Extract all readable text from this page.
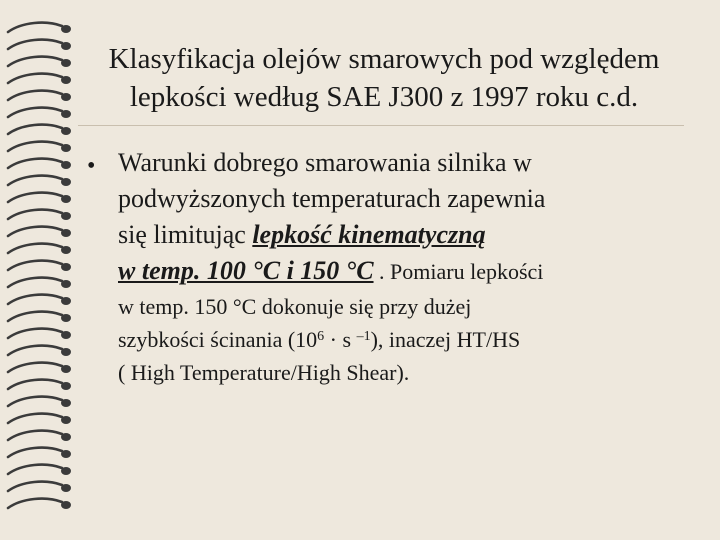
Klasyfikacja olejów smarowych pod względem
lepkości według SAE J300 z 1997 roku c.d.
• Warunki dobrego smarowania silnika w
podwyższonych temperaturach zapewnia
się limitując lepkość kinematyczną
w temp. 100 °C i 150 °C . Pomiaru lepkości
w temp. 150 °C dokonuje się przy dużej
szybkości ścinania ($10^6 \cdot s$ $^{-1}$), inaczej HT/HS
( High Temperature/High Shear).
